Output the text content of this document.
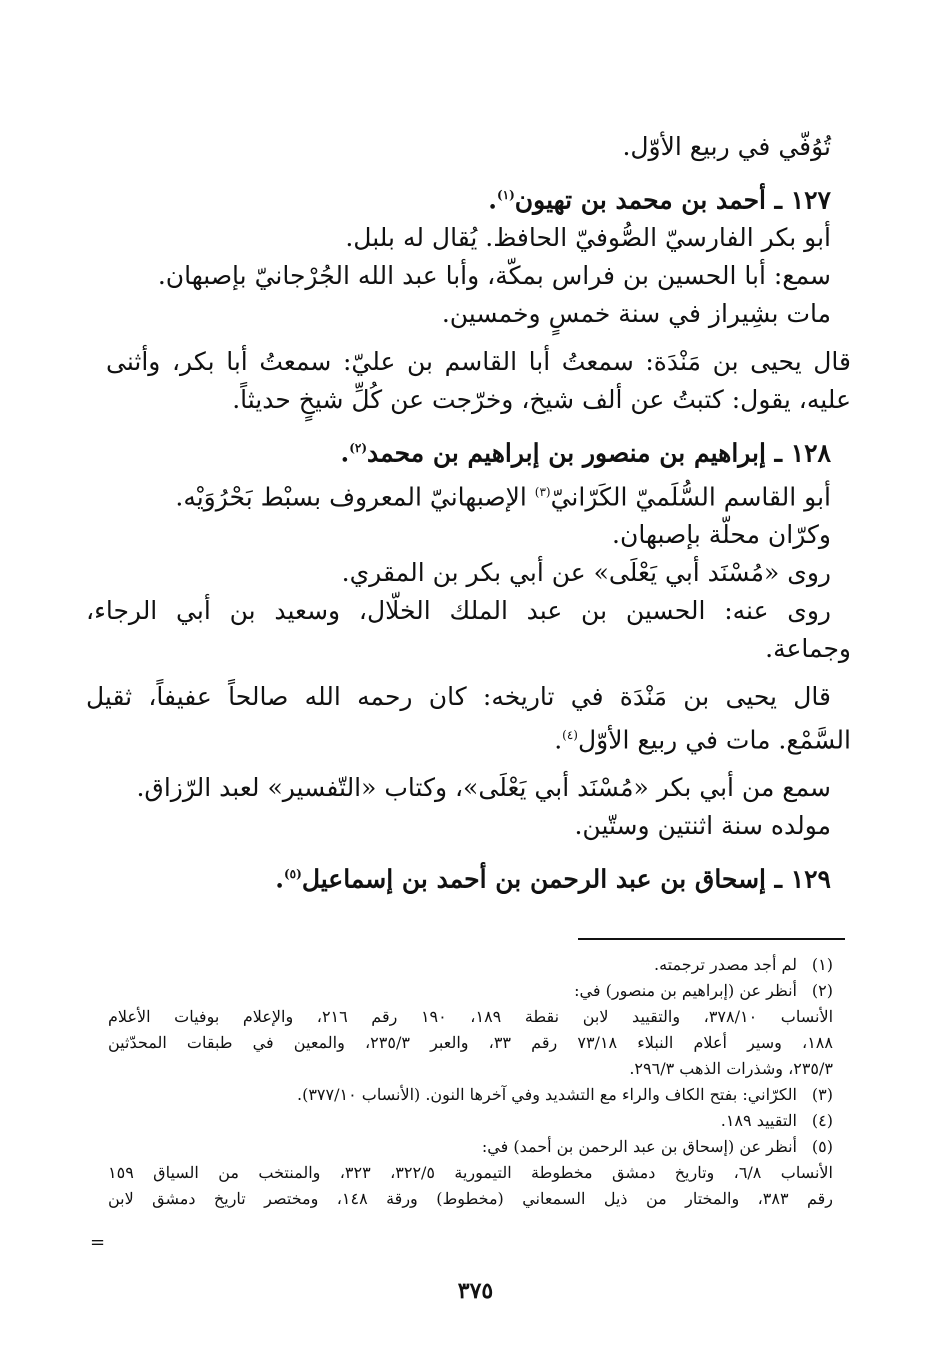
تُوُفّي في ربيع الأوّل.
١٢٧ ـ أحمد بن محمد بن تهيون$^{(١)}$.
أبو بكر الفارسيّ الصُّوفيّ الحافظ. يُقال له بلبل.
سمع: أبا الحسين بن فراس بمكّة، وأبا عبد الله الجُرْجانيّ بإصبهان.
مات بشِيراز في سنة خمسٍ وخمسين.
قال يحيى بن مَنْدَة: سمعتُ أبا القاسم بن عليّ: سمعتُ أبا بكر، وأثنى
عليه، يقول: كتبتُ عن ألف شيخ، وخرّجت عن كُلِّ شيخٍ حديثاً.
١٢٨ ـ إبراهيم بن منصور بن إبراهيم بن محمد$^{(٢)}$.
أبو القاسم السُّلَميّ الكَرّانيّ$^{(٣)}$ الإصبهانيّ المعروف بسبْط بَحْرُوَيْه.
وكرّان محلّة بإصبهان.
روى «مُسْنَد أبي يَعْلَى» عن أبي بكر بن المقري.
روى عنه: الحسين بن عبد الملك الخلّال، وسعيد بن أبي الرجاء،
وجماعة.
قال يحيى بن مَنْدَة في تاريخه: كان رحمه الله صالحاً عفيفاً، ثقيل
السَّمْع. مات في ربيع الأوّل$^{(٤)}$.
سمع من أبي بكر «مُسْنَد أبي يَعْلَى»، وكتاب «التّفسير» لعبد الرّزاق.
مولده سنة اثنتين وستّين.
١٢٩ ـ إسحاق بن عبد الرحمن بن أحمد بن إسماعيل$^{(٥)}$.
(١)
لم أجد مصدر ترجمته.
(٢)
أنظر عن (إبراهيم بن منصور) في:
الأنساب ٣٧٨/١٠، والتقييد لابن نقطة ١٨٩، ١٩٠ رقم ٢١٦، والإعلام بوفيات الأعلام
١٨٨، وسير أعلام النبلاء ٧٣/١٨ رقم ٣٣، والعبر ٢٣٥/٣، والمعين في طبقات المحدّثين
٢٣٥/٣، وشذرات الذهب ٢٩٦/٣.
(٣)
الكرّاني: بفتح الكاف والراء مع التشديد وفي آخرها النون. (الأنساب ٣٧٧/١٠).
(٤)
التقييد ١٨٩.
(٥)
أنظر عن (إسحاق بن عبد الرحمن بن أحمد) في:
الأنساب ٦/٨، وتاريخ دمشق مخطوطة التيمورية ٣٢٢/٥، ٣٢٣، والمنتخب من السياق ١٥٩
رقم ٣٨٣، والمختار من ذيل السمعاني (مخطوط) ورقة ١٤٨، ومختصر تاريخ دمشق لابن
=
٣٧٥
